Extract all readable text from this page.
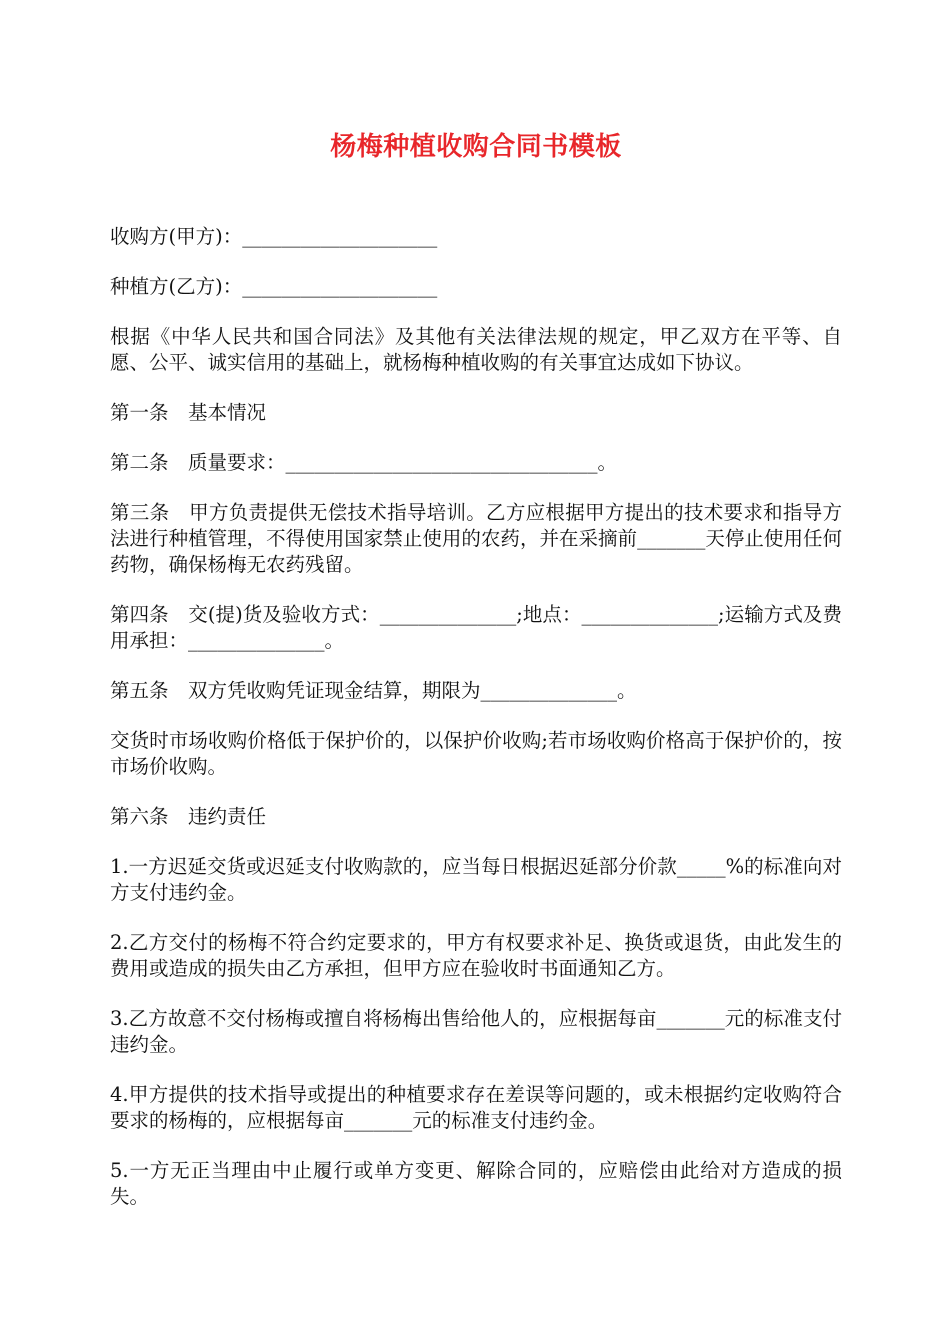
杨梅种植收购合同书模板

收购方(甲方)：____________________

种植方(乙方)：____________________

根据《中华人民共和国合同法》及其他有关法律法规的规定，甲乙双方在平等、自愿、公平、诚实信用的基础上，就杨梅种植收购的有关事宜达成如下协议。

第一条　基本情况

第二条　质量要求：________________________________。

第三条　甲方负责提供无偿技术指导培训。乙方应根据甲方提出的技术要求和指导方法进行种植管理，不得使用国家禁止使用的农药，并在采摘前_______天停止使用任何药物，确保杨梅无农药残留。

第四条　交(提)货及验收方式：______________;地点：______________;运输方式及费用承担：______________。

第五条　双方凭收购凭证现金结算，期限为______________。

交货时市场收购价格低于保护价的，以保护价收购;若市场收购价格高于保护价的，按市场价收购。

第六条　违约责任

1.一方迟延交货或迟延支付收购款的，应当每日根据迟延部分价款_____%的标准向对方支付违约金。

2.乙方交付的杨梅不符合约定要求的，甲方有权要求补足、换货或退货，由此发生的费用或造成的损失由乙方承担，但甲方应在验收时书面通知乙方。

3.乙方故意不交付杨梅或擅自将杨梅出售给他人的，应根据每亩_______元的标准支付违约金。

4.甲方提供的技术指导或提出的种植要求存在差误等问题的，或未根据约定收购符合要求的杨梅的，应根据每亩_______元的标准支付违约金。

5.一方无正当理由中止履行或单方变更、解除合同的，应赔偿由此给对方造成的损失。
